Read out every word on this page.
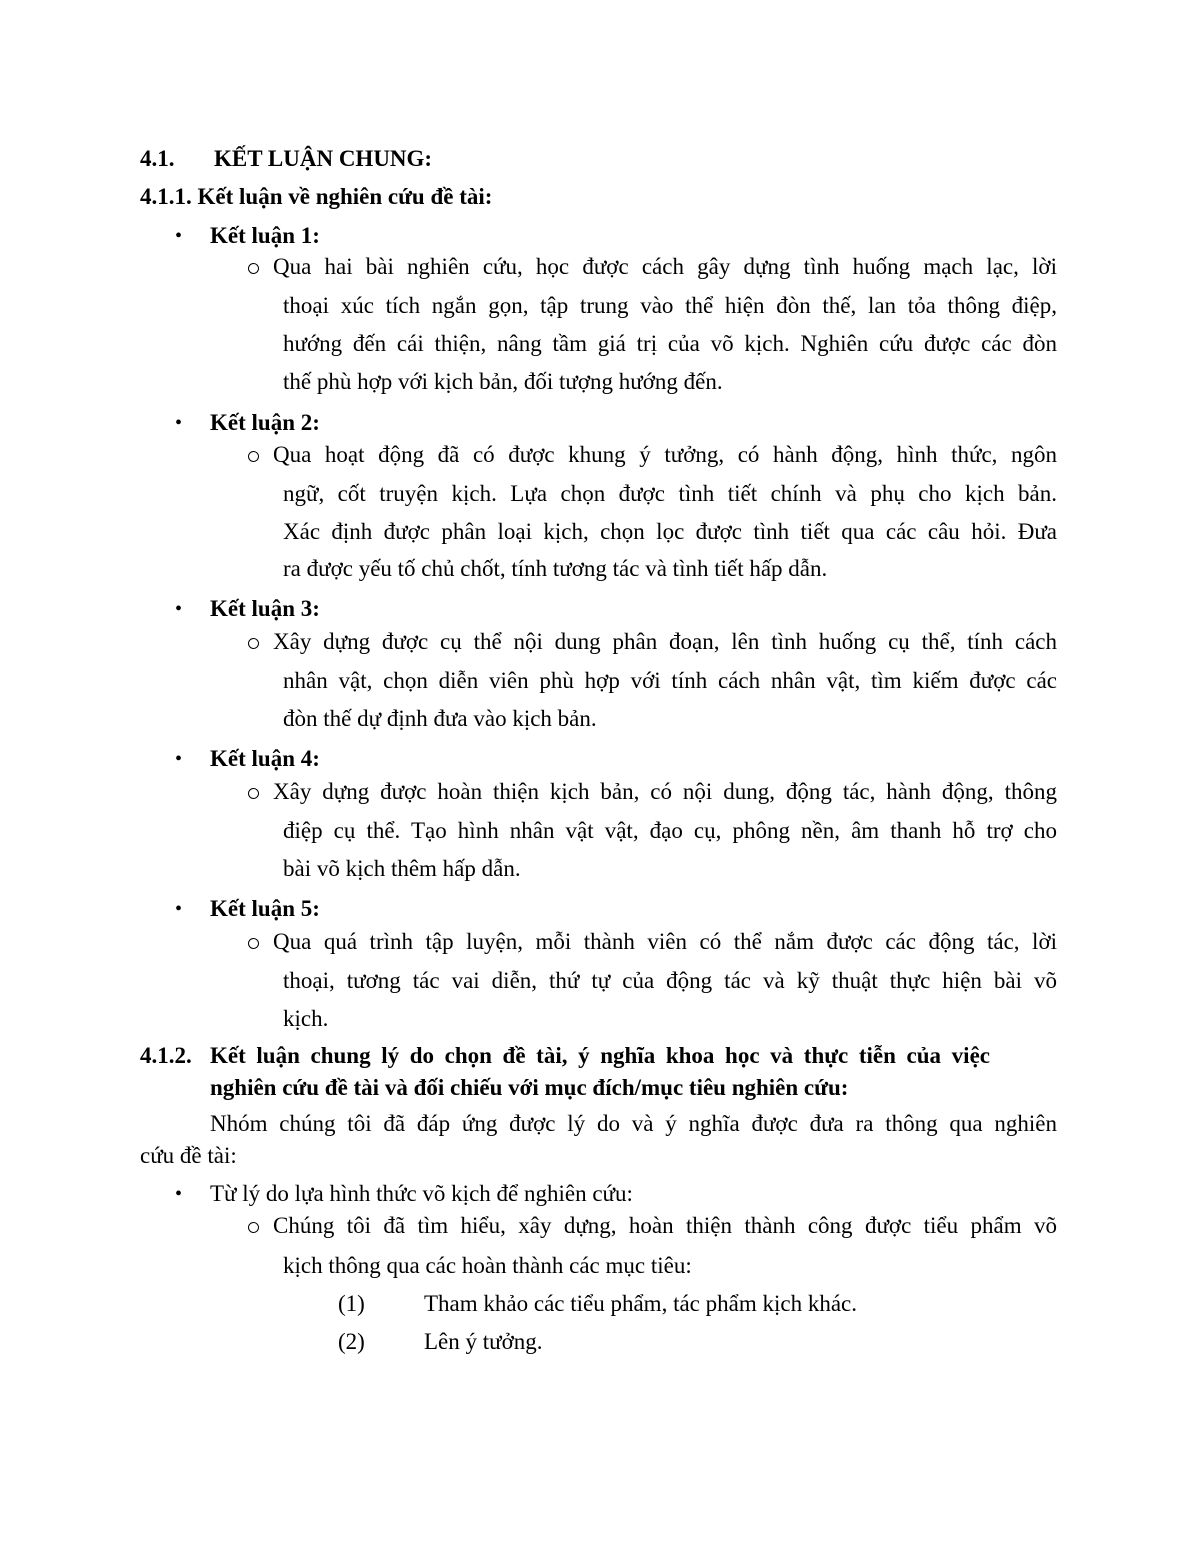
4.1. KẾT LUẬN CHUNG:
4.1.1. Kết luận về nghiên cứu đề tài:
• Kết luận 1:
Qua hai bài nghiên cứu, học được cách gây dựng tình huống mạch lạc, lời
thoại xúc tích ngắn gọn, tập trung vào thể hiện đòn thế, lan tỏa thông điệp,
hướng đến cái thiện, nâng tầm giá trị của võ kịch. Nghiên cứu được các đòn
thế phù hợp với kịch bản, đối tượng hướng đến.
• Kết luận 2:
Qua hoạt động đã có được khung ý tưởng, có hành động, hình thức, ngôn
ngữ, cốt truyện kịch. Lựa chọn được tình tiết chính và phụ cho kịch bản.
Xác định được phân loại kịch, chọn lọc được tình tiết qua các câu hỏi. Đưa
ra được yếu tố chủ chốt, tính tương tác và tình tiết hấp dẫn.
• Kết luận 3:
Xây dựng được cụ thể nội dung phân đoạn, lên tình huống cụ thể, tính cách
nhân vật, chọn diễn viên phù hợp với tính cách nhân vật, tìm kiếm được các
đòn thế dự định đưa vào kịch bản.
• Kết luận 4:
Xây dựng được hoàn thiện kịch bản, có nội dung, động tác, hành động, thông
điệp cụ thể. Tạo hình nhân vật vật, đạo cụ, phông nền, âm thanh hỗ trợ cho
bài võ kịch thêm hấp dẫn.
• Kết luận 5:
Qua quá trình tập luyện, mỗi thành viên có thể nắm được các động tác, lời
thoại, tương tác vai diễn, thứ tự của động tác và kỹ thuật thực hiện bài võ
kịch.
4.1.2. Kết luận chung lý do chọn đề tài, ý nghĩa khoa học và thực tiễn của việc
nghiên cứu đề tài và đối chiếu với mục đích/mục tiêu nghiên cứu:
Nhóm chúng tôi đã đáp ứng được lý do và ý nghĩa được đưa ra thông qua nghiên
cứu đề tài:
• Từ lý do lựa hình thức võ kịch để nghiên cứu:
Chúng tôi đã tìm hiểu, xây dựng, hoàn thiện thành công được tiểu phẩm võ
kịch thông qua các hoàn thành các mục tiêu:
(1)	Tham khảo các tiểu phẩm, tác phẩm kịch khác.
(2)	Lên ý tưởng.
